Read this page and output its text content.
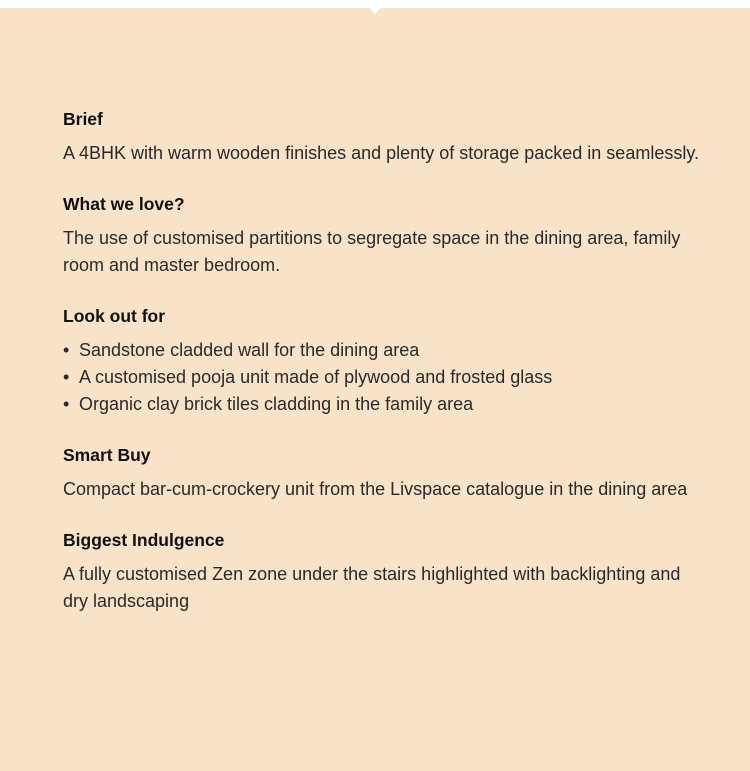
Brief

A 4BHK with warm wooden finishes and plenty of storage packed in seamlessly.

What we love?

The use of customised partitions to segregate space in the dining area, family room and master bedroom.

Look out for
• Sandstone cladded wall for the dining area
• A customised pooja unit made of plywood and frosted glass
• Organic clay brick tiles cladding in the family area
Smart Buy

Compact bar-cum-crockery unit from the Livspace catalogue in the dining area

Biggest Indulgence

A fully customised Zen zone under the stairs highlighted with backlighting and dry landscaping
